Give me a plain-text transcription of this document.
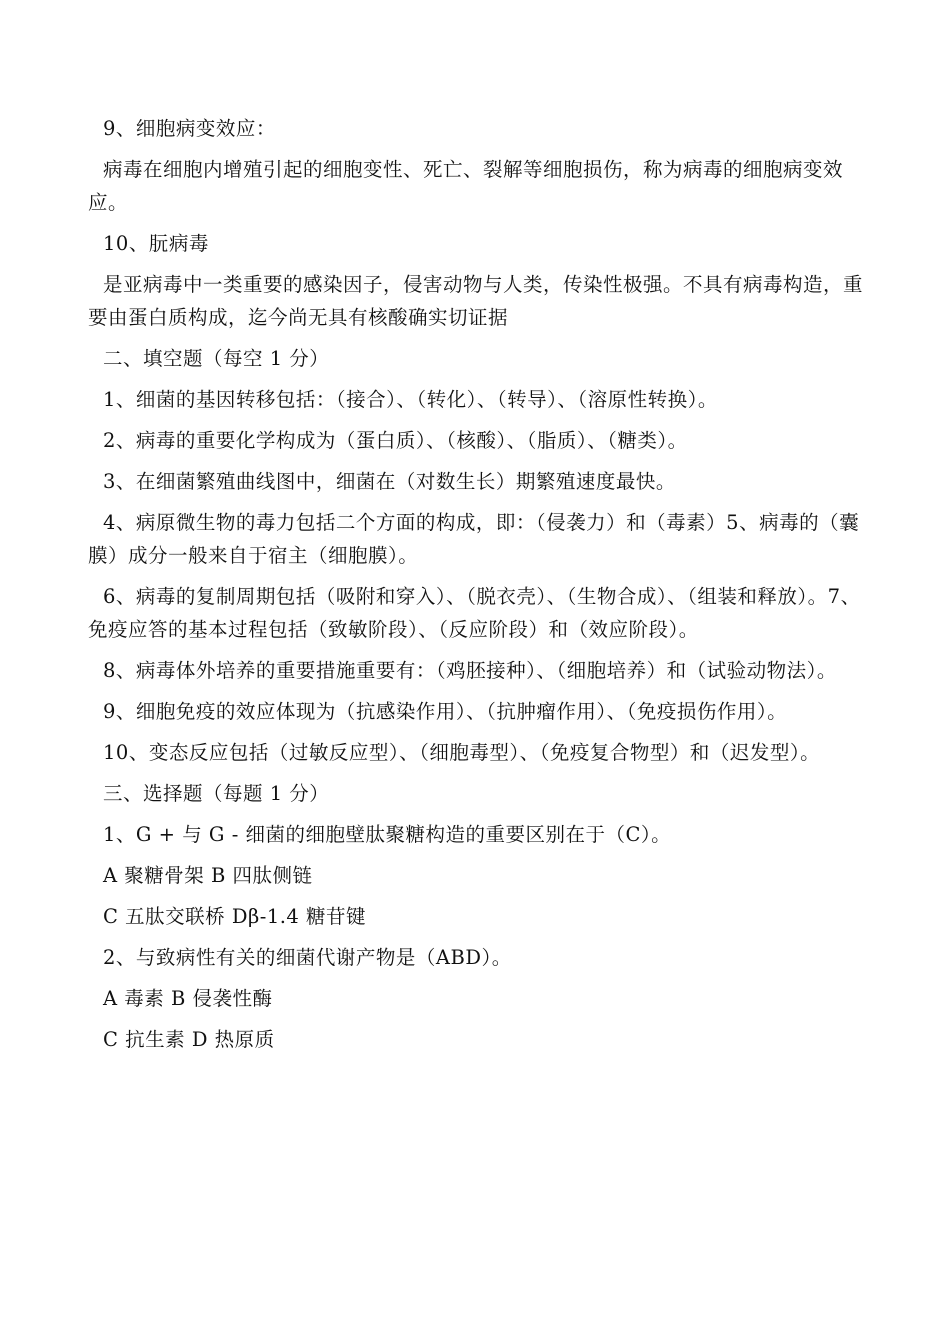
9、细胞病变效应：

病毒在细胞内增殖引起的细胞变性、死亡、裂解等细胞损伤，称为病毒的细胞病变效应。

10、朊病毒

是亚病毒中一类重要的感染因子，侵害动物与人类，传染性极强。不具有病毒构造，重要由蛋白质构成，迄今尚无具有核酸确实切证据

二、填空题（每空 1 分）

1、细菌的基因转移包括：（接合）、（转化）、（转导）、（溶原性转换）。

2、病毒的重要化学构成为（蛋白质）、（核酸）、（脂质）、（糖类）。

3、在细菌繁殖曲线图中，细菌在（对数生长）期繁殖速度最快。

4、病原微生物的毒力包括二个方面的构成，即：（侵袭力）和（毒素）5、病毒的（囊膜）成分一般来自于宿主（细胞膜）。

6、病毒的复制周期包括（吸附和穿入）、（脱衣壳）、（生物合成）、（组装和释放）。7、免疫应答的基本过程包括（致敏阶段）、（反应阶段）和（效应阶段）。

8、病毒体外培养的重要措施重要有：（鸡胚接种）、（细胞培养）和（试验动物法）。

9、细胞免疫的效应体现为（抗感染作用）、（抗肿瘤作用）、（免疫损伤作用）。

10、变态反应包括（过敏反应型）、（细胞毒型）、（免疫复合物型）和（迟发型）。

三、选择题（每题 1 分）

1、G + 与 G - 细菌的细胞壁肽聚糖构造的重要区别在于（C）。

A 聚糖骨架 B 四肽侧链

C 五肽交联桥 Dβ-1.4 糖苷键

2、与致病性有关的细菌代谢产物是（ABD）。

A 毒素 B 侵袭性酶

C 抗生素 D 热原质
